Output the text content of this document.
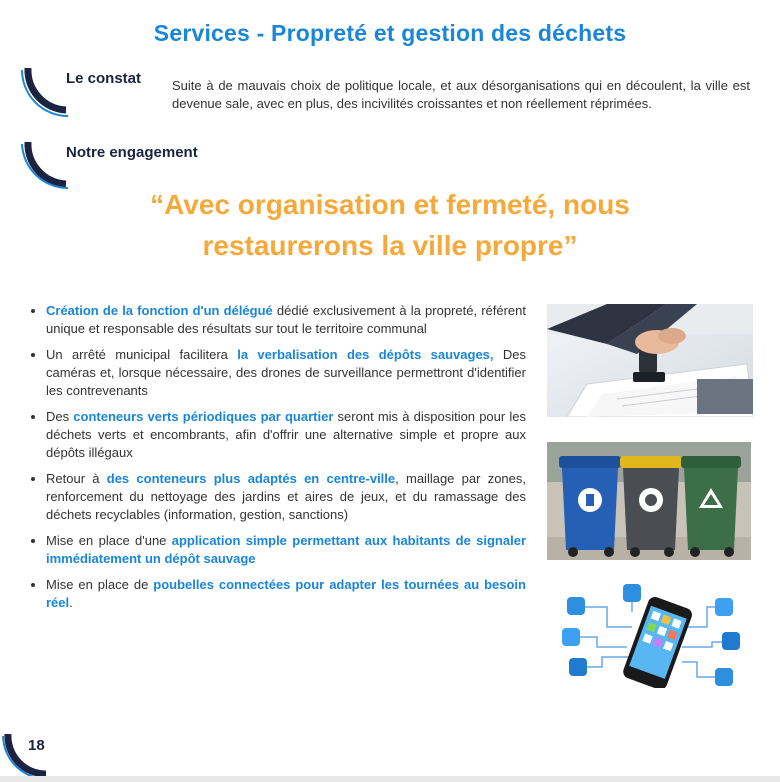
Services - Propreté et gestion des déchets
Le constat Suite à de mauvais choix de politique locale, et aux désorganisations qui en découlent, la ville est devenue sale, avec en plus, des incivilités croissantes et non réellement réprimées.
Notre engagement
“Avec organisation et fermeté, nous
restaurerons la ville propre”
• Création de la fonction d'un délégué dédié exclusivement à la propreté, référent unique et responsable des résultats sur tout le territoire communal
• Un arrêté municipal facilitera la verbalisation des dépôts sauvages, Des caméras et, lorsque nécessaire, des drones de surveillance permettront d'identifier les contrevenants
• Des conteneurs verts périodiques par quartier seront mis à disposition pour les déchets verts et encombrants, afin d'offrir une alternative simple et propre aux dépôts illégaux
• Retour à des conteneurs plus adaptés en centre-ville, maillage par zones, renforcement du nettoyage des jardins et aires de jeux, et du ramassage des déchets recyclables (information, gestion, sanctions)
• Mise en place d'une application simple permettant aux habitants de signaler immédiatement un dépôt sauvage
• Mise en place de poubelles connectées pour adapter les tournées au besoin réel.
18
